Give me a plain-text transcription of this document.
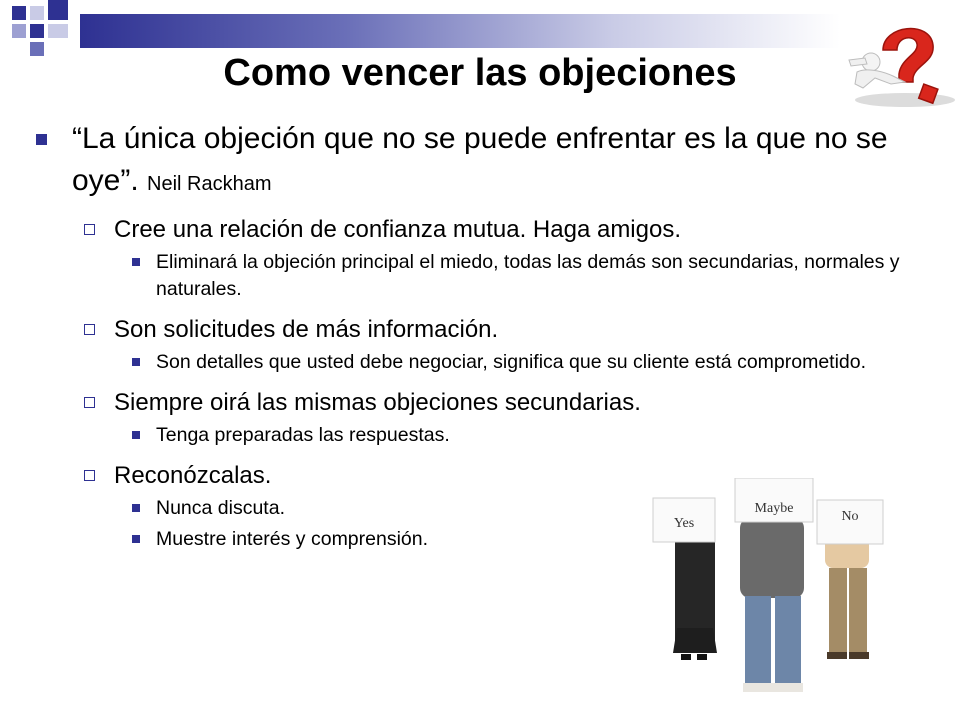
Como vencer las objeciones
“La única objeción que no se puede enfrentar es la que no se oye”. Neil Rackham
Cree una relación de confianza mutua. Haga amigos.
Eliminará la objeción principal el miedo, todas las demás son secundarias, normales y naturales.
Son solicitudes de más información.
Son detalles que usted debe negociar, significa que su cliente está comprometido.
Siempre oirá las mismas objeciones secundarias.
Tenga preparadas las respuestas.
Reconózcalas.
Nunca discuta.
Muestre interés y comprensión.
Yes
Maybe
No
